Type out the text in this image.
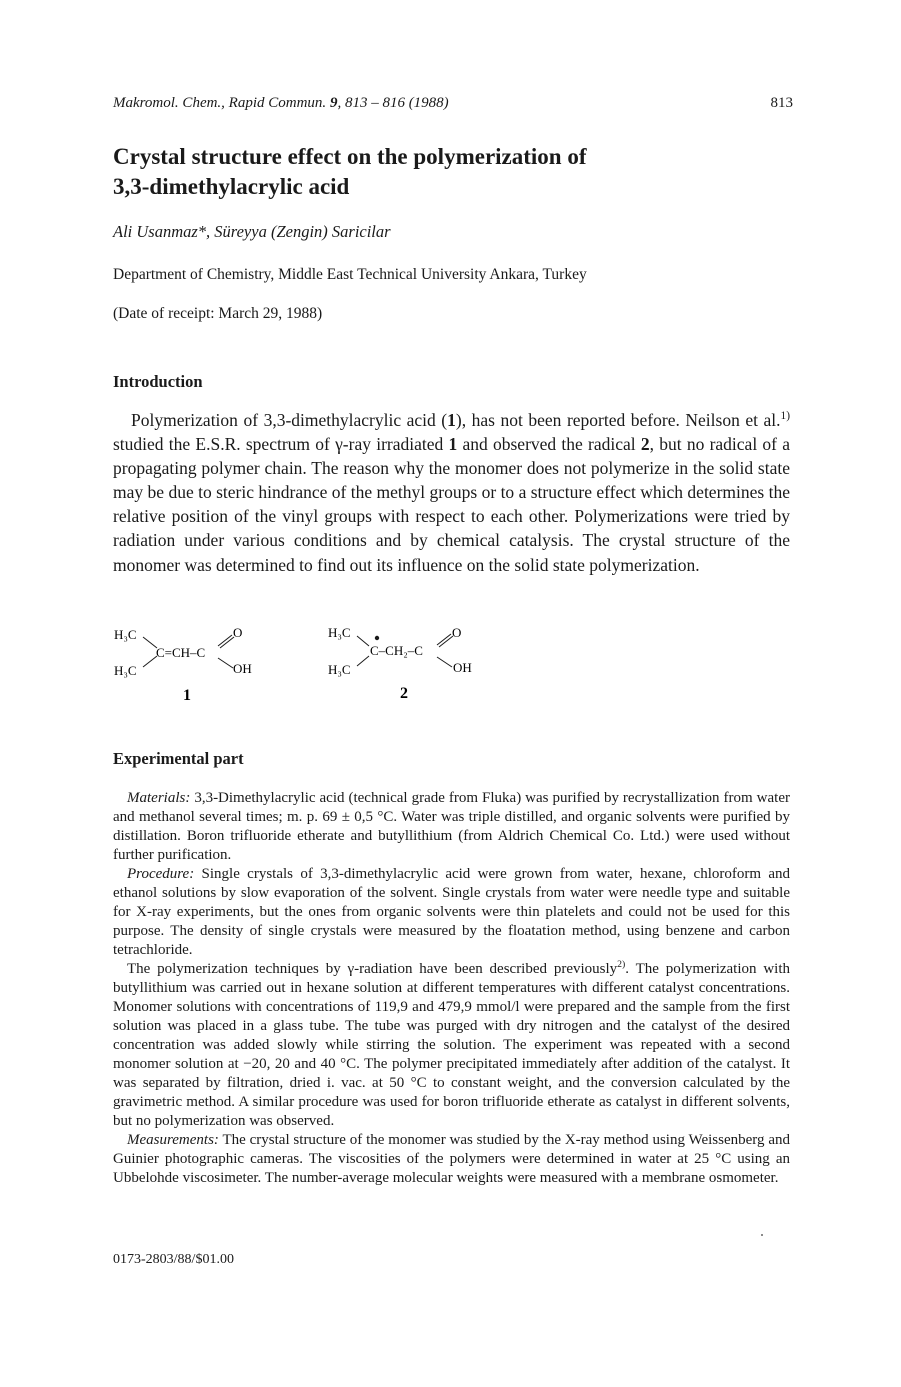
Makromol. Chem., Rapid Commun. 9, 813 – 816 (1988)	813
Crystal structure effect on the polymerization of
3,3-dimethylacrylic acid
Ali Usanmaz*, Süreyya (Zengin) Saricilar
Department of Chemistry, Middle East Technical University Ankara, Turkey
(Date of receipt: March 29, 1988)
Introduction

Polymerization of 3,3-dimethylacrylic acid (1), has not been reported before. Neilson et al.$^{1)}$ studied the E.S.R. spectrum of γ-ray irradiated 1 and observed the radical 2, but no radical of a propagating polymer chain. The reason why the monomer does not polymerize in the solid state may be due to steric hindrance of the methyl groups or to a structure effect which determines the relative position of the vinyl groups with respect to each other. Polymerizations were tried by radiation under various conditions and by chemical catalysis. The crystal structure of the monomer was determined to find out its influence on the solid state polymerization.

H₃C
H₃C
C=CH–C
O
OH
1
H₃C
H₃C
C–CH₂–C
O
OH
2
Experimental part

Materials: 3,3-Dimethylacrylic acid (technical grade from Fluka) was purified by recrystallization from water and methanol several times; m. p. 69 ± 0,5 °C. Water was triple distilled, and organic solvents were purified by distillation. Boron trifluoride etherate and butyllithium (from Aldrich Chemical Co. Ltd.) were used without further purification.

Procedure: Single crystals of 3,3-dimethylacrylic acid were grown from water, hexane, chloroform and ethanol solutions by slow evaporation of the solvent. Single crystals from water were needle type and suitable for X-ray experiments, but the ones from organic solvents were thin platelets and could not be used for this purpose. The density of single crystals were measured by the floatation method, using benzene and carbon tetrachloride.

The polymerization techniques by γ-radiation have been described previously$^{2)}$. The polymerization with butyllithium was carried out in hexane solution at different temperatures with different catalyst concentrations. Monomer solutions with concentrations of 119,9 and 479,9 mmol/l were prepared and the sample from the first solution was placed in a glass tube. The tube was purged with dry nitrogen and the catalyst of the desired concentration was added slowly while stirring the solution. The experiment was repeated with a second monomer solution at −20, 20 and 40 °C. The polymer precipitated immediately after addition of the catalyst. It was separated by filtration, dried i. vac. at 50 °C to constant weight, and the conversion calculated by the gravimetric method. A similar procedure was used for boron trifluoride etherate as catalyst in different solvents, but no polymerization was observed.

Measurements: The crystal structure of the monomer was studied by the X-ray method using Weissenberg and Guinier photographic cameras. The viscosities of the polymers were determined in water at 25 °C using an Ubbelohde viscosimeter. The number-average molecular weights were measured with a membrane osmometer.

0173-2803/88/$01.00
